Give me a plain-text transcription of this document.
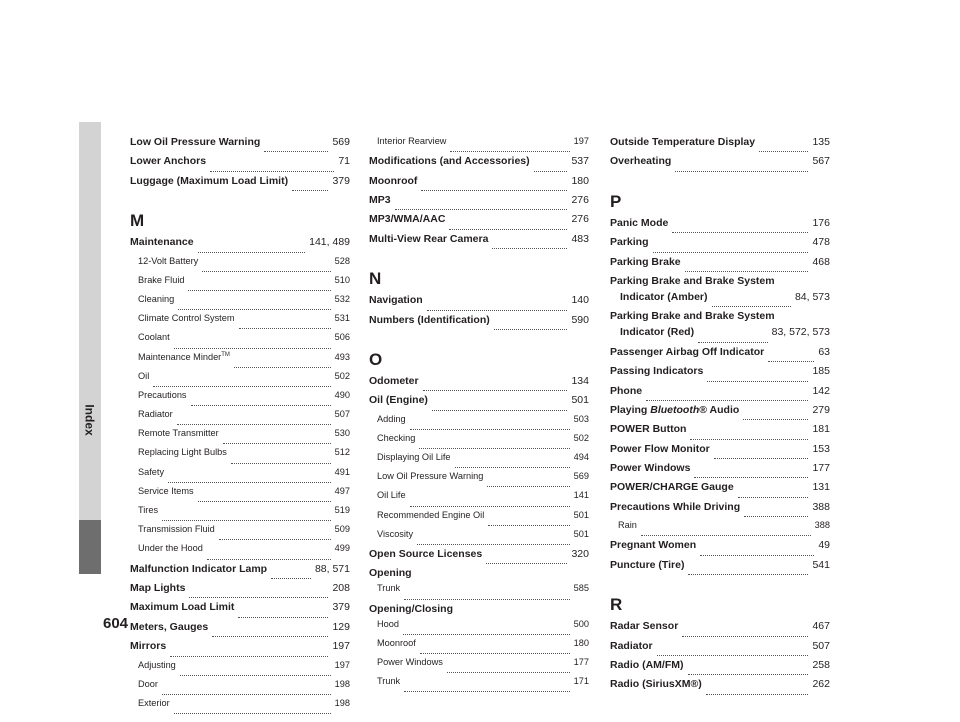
Index
Low Oil Pressure Warning	569
Lower Anchors	71
Luggage (Maximum Load Limit)	379
M
Maintenance	141, 489
12-Volt Battery	528
Brake Fluid	510
Cleaning	532
Climate Control System	531
Coolant	506
Maintenance Minder™	493
Oil	502
Precautions	490
Radiator	507
Remote Transmitter	530
Replacing Light Bulbs	512
Safety	491
Service Items	497
Tires	519
Transmission Fluid	509
Under the Hood	499
Malfunction Indicator Lamp	88, 571
Map Lights	208
Maximum Load Limit	379
Meters, Gauges	129
Mirrors	197
Adjusting	197
Door	198
Exterior	198
Interior Rearview	197
Modifications (and Accessories)	537
Moonroof	180
MP3	276
MP3/WMA/AAC	276
Multi-View Rear Camera	483
N
Navigation	140
Numbers (Identification)	590
O
Odometer	134
Oil (Engine)	501
Adding	503
Checking	502
Displaying Oil Life	494
Low Oil Pressure Warning	569
Oil Life	141
Recommended Engine Oil	501
Viscosity	501
Open Source Licenses	320
Opening
Trunk	585
Opening/Closing
Hood	500
Moonroof	180
Power Windows	177
Trunk	171
Outside Temperature Display	135
Overheating	567
P
Panic Mode	176
Parking	478
Parking Brake	468
Parking Brake and Brake System
Indicator (Amber)	84, 573
Parking Brake and Brake System
Indicator (Red)	83, 572, 573
Passenger Airbag Off Indicator	63
Passing Indicators	185
Phone	142
Playing Bluetooth® Audio	279
POWER Button	181
Power Flow Monitor	153
Power Windows	177
POWER/CHARGE Gauge	131
Precautions While Driving	388
Rain	388
Pregnant Women	49
Puncture (Tire)	541
R
Radar Sensor	467
Radiator	507
Radio (AM/FM)	258
Radio (SiriusXM®)	262
604
